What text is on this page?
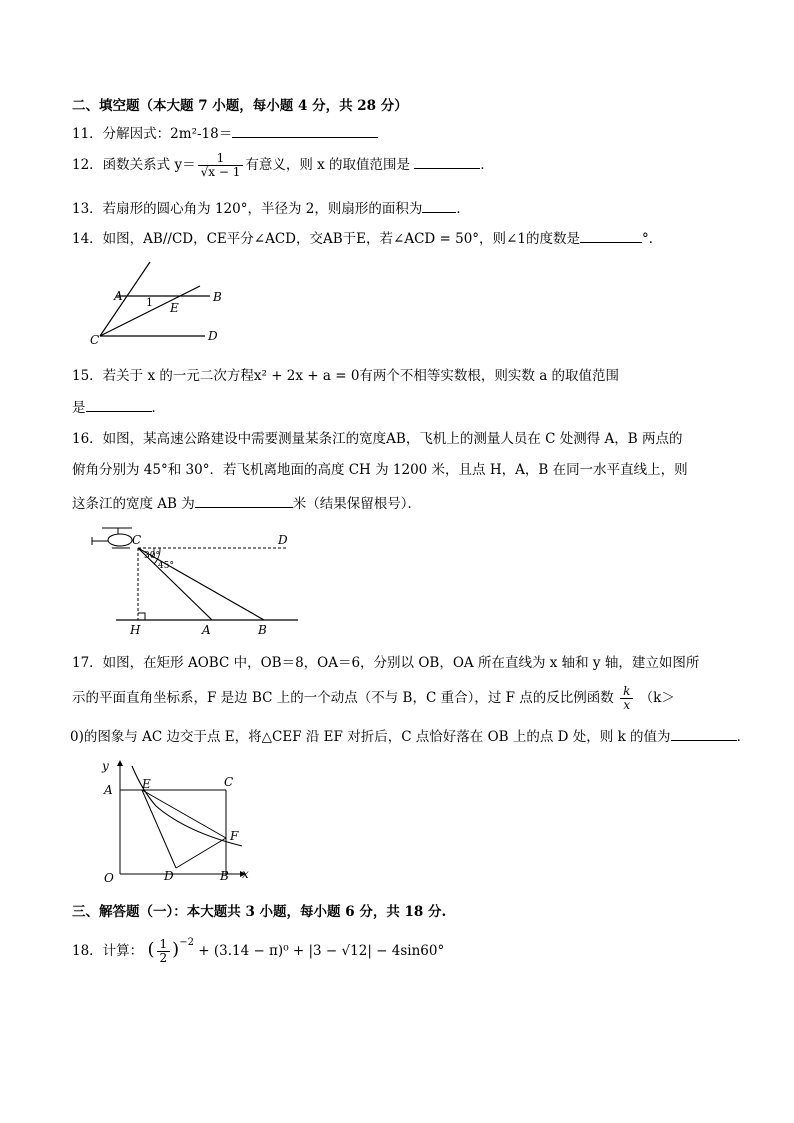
二、填空题（本大题 7 小题，每小题 4 分，共 28 分）
11．分解因式：2m²-18＝
12．函数关系式 $y= \frac{1}{√x - 1}$ 有意义，则 x 的取值范围是	．
13．若扇形的圆心角为 120°，半径为 2，则扇形的面积为	．
14．如图，AB//CD，CE平分∠ACD，交AB于E，若∠ACD = 50°，则∠1的度数是	°．
A	B
C	D
E
1
15．若关于 x 的一元二次方程x² + 2x + a = 0有两个不相等实数根，则实数 a 的取值范围
是	．
16．如图，某高速公路建设中需要测量某条江的宽度AB，飞机上的测量人员在 C 处测得 A，B 两点的
俯角分别为 45°和 30°．若飞机离地面的高度 CH 为 1200 米，且点 H，A，B 在同一水平直线上，则
这条江的宽度 AB 为	米（结果保留根号）．
C	D
30°
45°
H	A	B
17．如图，在矩形 AOBC 中，OB＝8，OA＝6，分别以 OB，OA 所在直线为 x 轴和 y 轴，建立如图所
示的平面直角坐标系，F 是边 BC 上的一个动点（不与 B，C 重合），过 F 点的反比例函数 $\frac{k}{x} (k>$
0)的图象与 AC 边交于点 E，将△CEF 沿 EF 对折后，C 点恰好落在 OB 上的点 D 处，则 k 的值为	．
y
x
A E	C
F
O	D	B
三、解答题（一）：本大题共 3 小题，每小题 6 分，共 18 分.
18．计算： ( $\frac{1}{2} )^{-2} + (3.14 - \pi)^0 + |3 - √12| - 4\sin 60^\circ$
